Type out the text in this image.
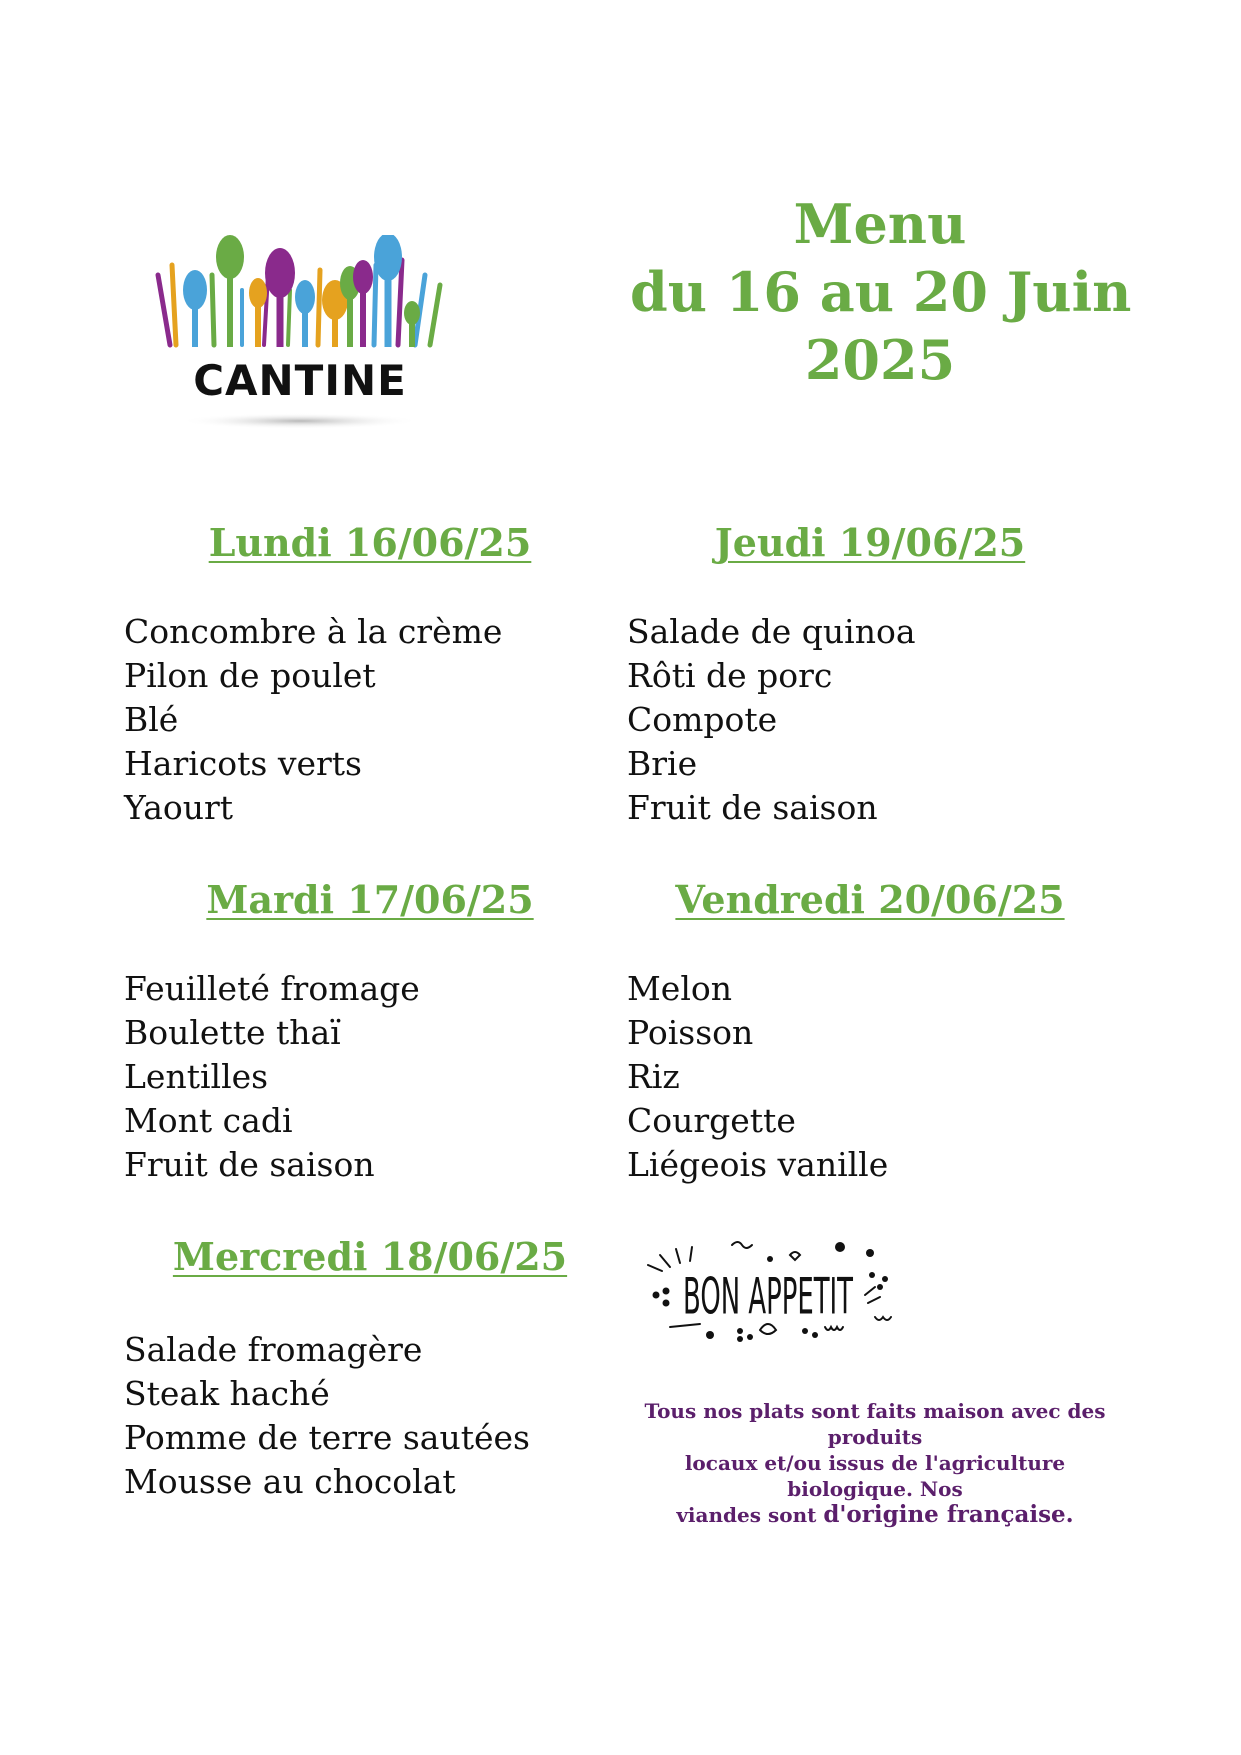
CANTINE
Menu
du 16 au 20 Juin
2025
Lundi 16/06/25
Concombre à la crème
Pilon de poulet
Blé
Haricots verts
Yaourt
Mardi 17/06/25
Feuilleté fromage
Boulette thaï
Lentilles
Mont cadi
Fruit de saison
Mercredi 18/06/25
Salade fromagère
Steak haché
Pomme de terre sautées
Mousse au chocolat
Jeudi 19/06/25
Salade de quinoa
Rôti de porc
Compote
Brie
Fruit de saison
Vendredi 20/06/25
Melon
Poisson
Riz
Courgette
Liégeois vanille
BON APPETIT
Tous nos plats sont faits maison avec des produits
locaux et/ou issus de l'agriculture biologique. Nos
viandes sont d'origine française.
